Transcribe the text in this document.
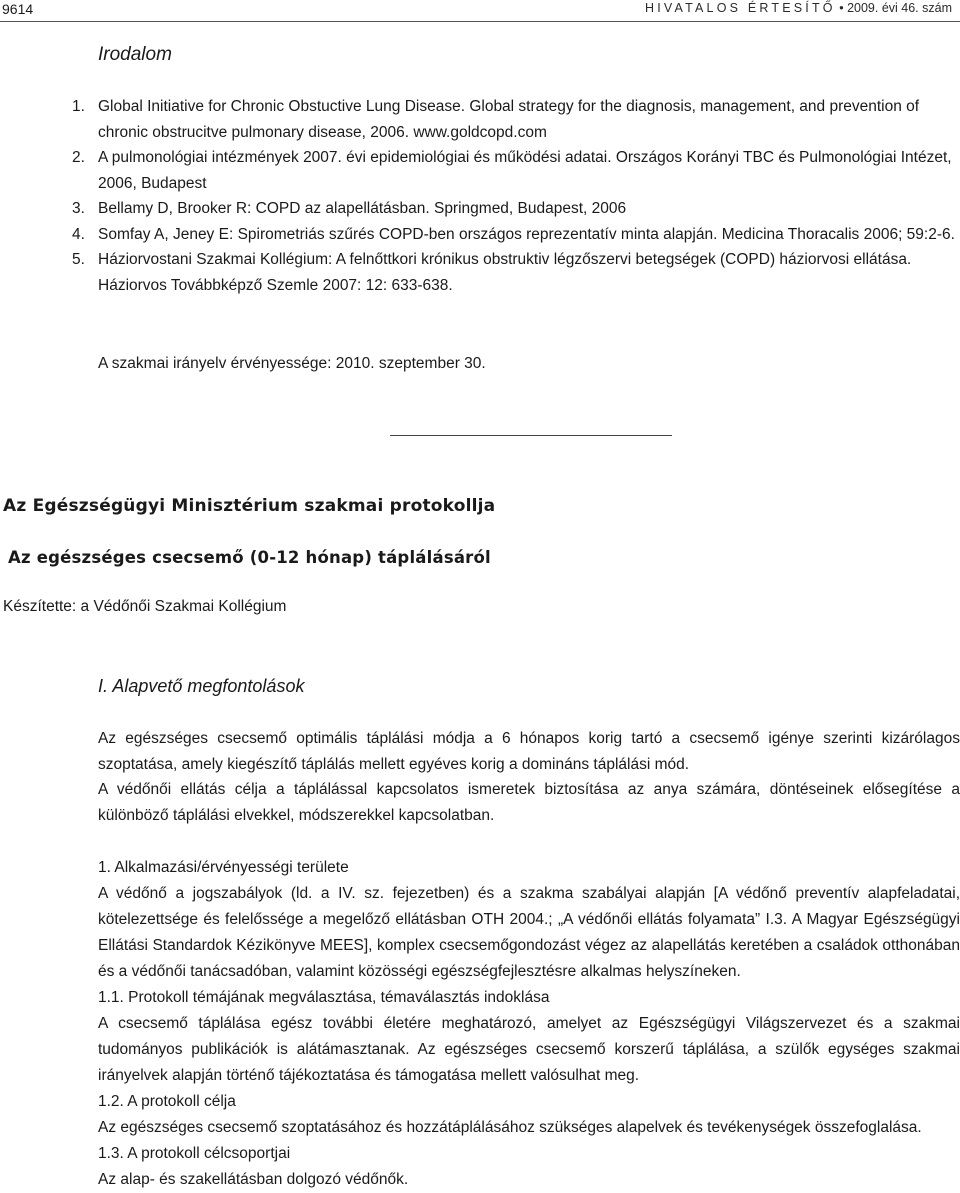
9614	HIVATALOS ÉRTESÍTŐ • 2009. évi 46. szám
Irodalom
1. Global Initiative for Chronic Obstuctive Lung Disease. Global strategy for the diagnosis, management, and prevention of chronic obstrucitve pulmonary disease, 2006. www.goldcopd.com
2. A pulmonológiai intézmények 2007. évi epidemiológiai és működési adatai. Országos Korányi TBC és Pulmonológiai Intézet, 2006, Budapest
3. Bellamy D, Brooker R: COPD az alapellátásban. Springmed, Budapest, 2006
4. Somfay A, Jeney E: Spirometriás szűrés COPD-ben országos reprezentatív minta alapján. Medicina Thoracalis 2006; 59:2-6.
5. Háziorvostani Szakmai Kollégium: A felnőttkori krónikus obstruktiv légzőszervi betegségek (COPD) háziorvosi ellátása. Háziorvos Továbbképző Szemle 2007: 12: 633-638.
A szakmai irányelv érvényessége: 2010. szeptember 30.
Az Egészségügyi Minisztérium szakmai protokollja
Az egészséges csecsemő (0-12 hónap) táplálásáról
Készítette: a Védőnői Szakmai Kollégium
I. Alapvető megfontolások

Az egészséges csecsemő optimális táplálási módja a 6 hónapos korig tartó a csecsemő igénye szerinti kizárólagos szoptatása, amely kiegészítő táplálás mellett egyéves korig a domináns táplálási mód.

A védőnői ellátás célja a táplálással kapcsolatos ismeretek biztosítása az anya számára, döntéseinek elősegítése a különböző táplálási elvekkel, módszerekkel kapcsolatban.

1. Alkalmazási/érvényességi területe

A védőnő a jogszabályok (ld. a IV. sz. fejezetben) és a szakma szabályai alapján [A védőnő preventív alapfeladatai, kötelezettsége és felelőssége a megelőző ellátásban OTH 2004.; „A védőnői ellátás folyamata” I.3. A Magyar Egészségügyi Ellátási Standardok Kézikönyve MEES], komplex csecsemőgondozást végez az alapellátás keretében a családok otthonában és a védőnői tanácsadóban, valamint közösségi egészségfejlesztésre alkalmas helyszíneken.

1.1. Protokoll témájának megválasztása, témaválasztás indoklása

A csecsemő táplálása egész további életére meghatározó, amelyet az Egészségügyi Világszervezet és a szakmai tudományos publikációk is alátámasztanak. Az egészséges csecsemő korszerű táplálása, a szülők egységes szakmai irányelvek alapján történő tájékoztatása és támogatása mellett valósulhat meg.

1.2. A protokoll célja

Az egészséges csecsemő szoptatásához és hozzátáplálásához szükséges alapelvek és tevékenységek összefoglalása.

1.3. A protokoll célcsoportjai

Az alap- és szakellátásban dolgozó védőnők.
